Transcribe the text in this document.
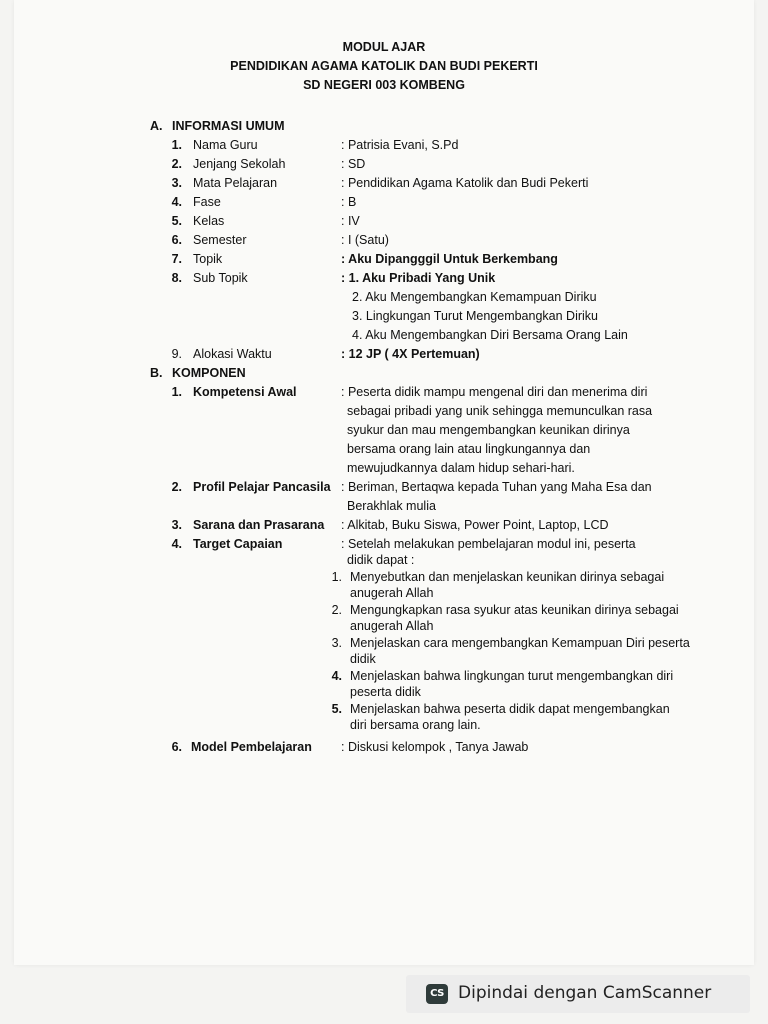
MODUL AJAR
PENDIDIKAN AGAMA KATOLIK DAN BUDI PEKERTI
SD NEGERI 003 KOMBENG
A. INFORMASI UMUM
1. Nama Guru	: Patrisia Evani, S.Pd
2. Jenjang Sekolah	: SD
3. Mata Pelajaran	: Pendidikan Agama Katolik dan Budi Pekerti
4. Fase	: B
5. Kelas	: IV
6. Semester	: I (Satu)
7. Topik	: Aku Dipangggil Untuk Berkembang
8. Sub Topik	: 1. Aku Pribadi Yang Unik
2. Aku Mengembangkan Kemampuan Diriku
3. Lingkungan Turut Mengembangkan Diriku
4. Aku Mengembangkan Diri Bersama Orang Lain
9. Alokasi Waktu	: 12 JP ( 4X Pertemuan)
B. KOMPONEN
1. Kompetensi Awal	: Peserta didik mampu mengenal diri dan menerima diri
sebagai pribadi yang unik sehingga memunculkan rasa
syukur dan mau mengembangkan keunikan dirinya
bersama orang lain atau lingkungannya dan
mewujudkannya dalam hidup sehari-hari.
2. Profil Pelajar Pancasila : Beriman, Bertaqwa kepada Tuhan yang Maha Esa dan
Berakhlak mulia
3. Sarana dan Prasarana : Alkitab, Buku Siswa, Power Point, Laptop, LCD
4. Target Capaian	: Setelah melakukan pembelajaran modul ini, peserta
didik dapat :
1. Menyebutkan dan menjelaskan keunikan dirinya sebagai
anugerah Allah
2. Mengungkapkan rasa syukur atas keunikan dirinya sebagai
anugerah Allah
3. Menjelaskan cara mengembangkan Kemampuan Diri peserta
didik
4. Menjelaskan bahwa lingkungan turut mengembangkan diri
peserta didik
5. Menjelaskan bahwa peserta didik dapat mengembangkan
diri bersama orang lain.
6. Model Pembelajaran : Diskusi kelompok , Tanya Jawab
CS Dipindai dengan CamScanner
